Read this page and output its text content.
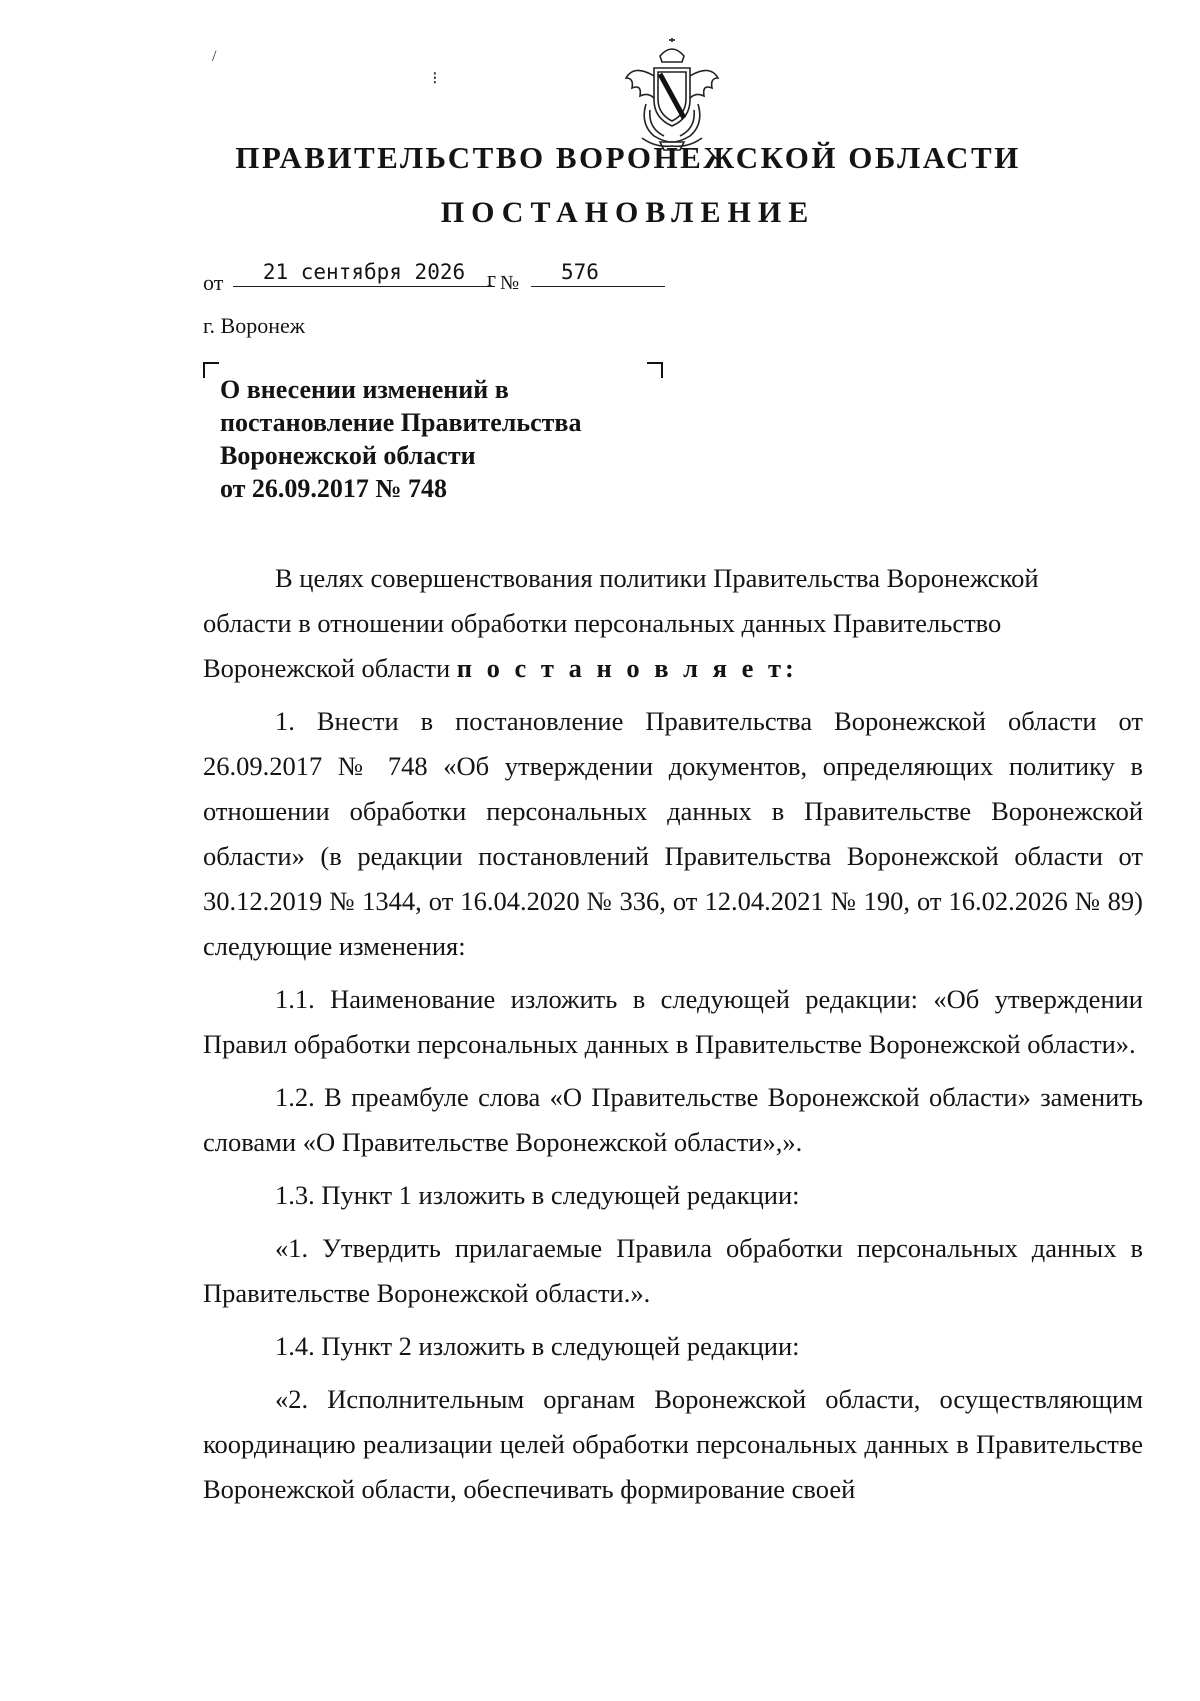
/
⁝
ПРАВИТЕЛЬСТВО ВОРОНЕЖСКОЙ ОБЛАСТИ
ПОСТАНОВЛЕНИЕ
от	21 сентября 2026 г №	576
г. Воронеж
О внесении изменений в
постановление Правительства
Воронежской области
от 26.09.2017 № 748

В целях совершенствования политики Правительства Воронежской

области в отношении обработки персональных данных Правительство

Воронежской области п о с т а н о в л я е т:

1. Внести в постановление Правительства Воронежской области от 26.09.2017 № 748 «Об утверждении документов, определяющих политику в отношении обработки персональных данных в Правительстве Воронежской области» (в редакции постановлений Правительства Воронежской области от 30.12.2019 № 1344, от 16.04.2020 № 336, от 12.04.2021 № 190, от 16.02.2026 № 89) следующие изменения:

1.1. Наименование изложить в следующей редакции: «Об утверждении Правил обработки персональных данных в Правительстве Воронежской области».

1.2. В преамбуле слова «О Правительстве Воронежской области» заменить словами «О Правительстве Воронежской области»,».

1.3. Пункт 1 изложить в следующей редакции:

«1. Утвердить прилагаемые Правила обработки персональных данных в Правительстве Воронежской области.».

1.4. Пункт 2 изложить в следующей редакции:

«2. Исполнительным органам Воронежской области, осуществляющим координацию реализации целей обработки персональных данных в Правительстве Воронежской области, обеспечивать формирование своей
